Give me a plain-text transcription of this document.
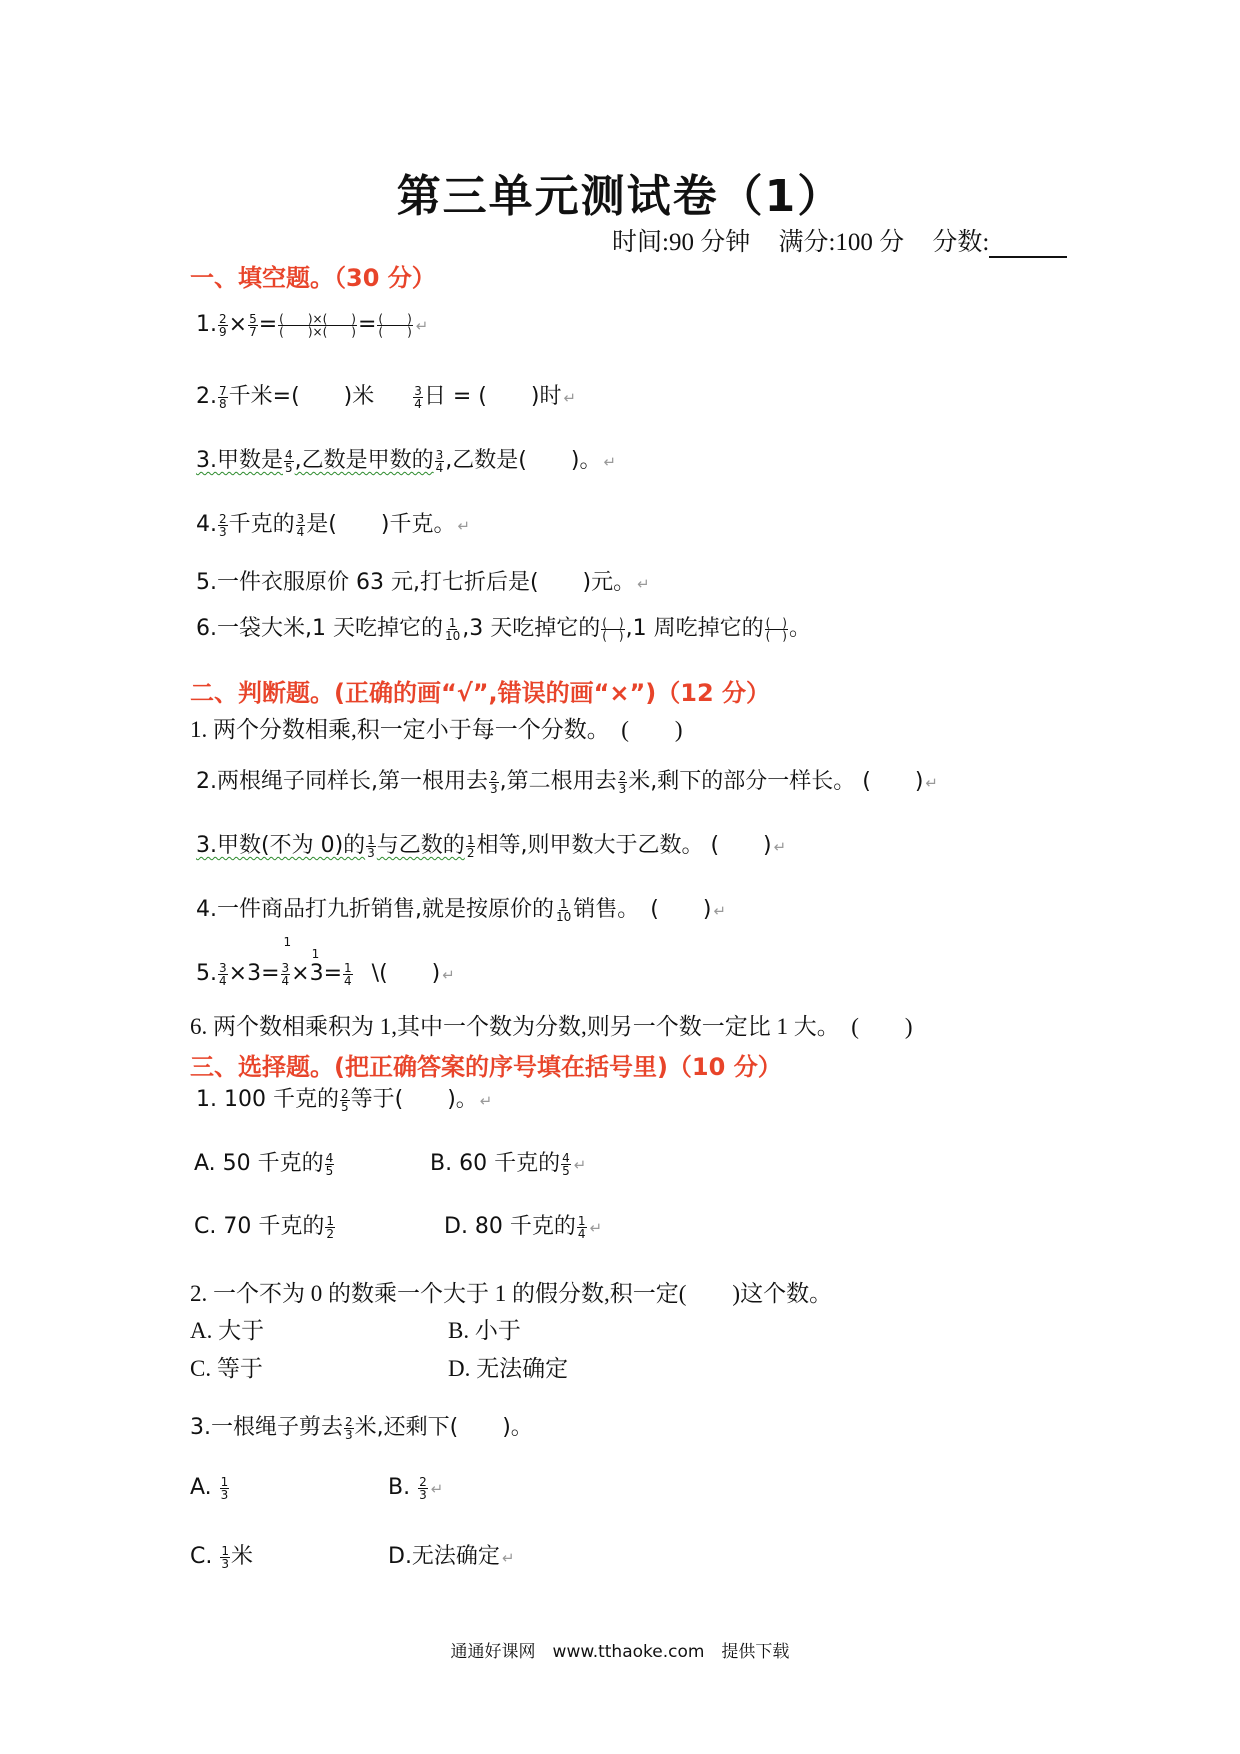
第三单元测试卷（1）
时间:90 分钟 满分:100 分 分数:
一、填空题。（30 分）
1. $\frac{2}{9} \times \frac{5}{7} = \frac{( )\times( )}{( )\times( )} = \frac{( )}{( )}$ ↵
2. $\frac{7}{8}$ 千米=(　　)米	$\frac{3}{4}$ 日 = (　　)时 ↵
3.甲数是 $\frac{4}{5}$ ,乙数是甲数的 $\frac{3}{4}$ ,乙数是(　　)。 ↵
4. $\frac{2}{3}$ 千克的 $\frac{3}{4}$ 是(　　)千克。 ↵
5.一件衣服原价 63 元,打七折后是(　　)元。 ↵
6.一袋大米,1 天吃掉它的 $\frac{1}{10} ,3$ 天吃掉它的 $\frac{( )}{( )} ,1$ 周吃掉它的 $\frac{( )}{( )}$ 。
二、判断题。(正确的画“√”,错误的画“×”)（12 分）
1. 两个分数相乘,积一定小于每一个分数。　(　　)
2.两根绳子同样长,第一根用去 $\frac{2}{3}$ ,第二根用去 $\frac{2}{3}$ 米,剩下的部分一样长。 (　　) ↵
3.甲数(不为 0)的 $\frac{1}{3}$ 与乙数的 $\frac{1}{2}$ 相等,则甲数大于乙数。 (　　) ↵
4.一件商品打九折销售,就是按原价的 $\frac{1}{10}$ 销售。　(　　) ↵
5. $\frac{3}{4} \times 3=$
1
$\frac{3}{4}$ ×
1
$3= \frac{1}{4}$ \(　　) ↵
6. 两个数相乘积为 1,其中一个数为分数,则另一个数一定比 1 大。　(　　)
三、选择题。(把正确答案的序号填在括号里)（10 分）
1. 100 千克的 $\frac{2}{5}$ 等于(　　)。 ↵
A. 50 千克的 $\frac{4}{5}$	B. 60 千克的 $\frac{4}{5}$ ↵
C. 70 千克的 $\frac{1}{2}$	D. 80 千克的 $\frac{1}{4}$ ↵
2. 一个不为 0 的数乘一个大于 1 的假分数,积一定(　　)这个数。
A. 大于	B. 小于
C. 等于	D. 无法确定
3.一根绳子剪去 $\frac{2}{3}$ 米,还剩下(　　)。
A. $\frac{1}{3}$	B. $\frac{2}{3}$ ↵
C. $\frac{1}{3}$ 米	D.无法确定 ↵
通通好课网　www.tthaoke.com　提供下载
